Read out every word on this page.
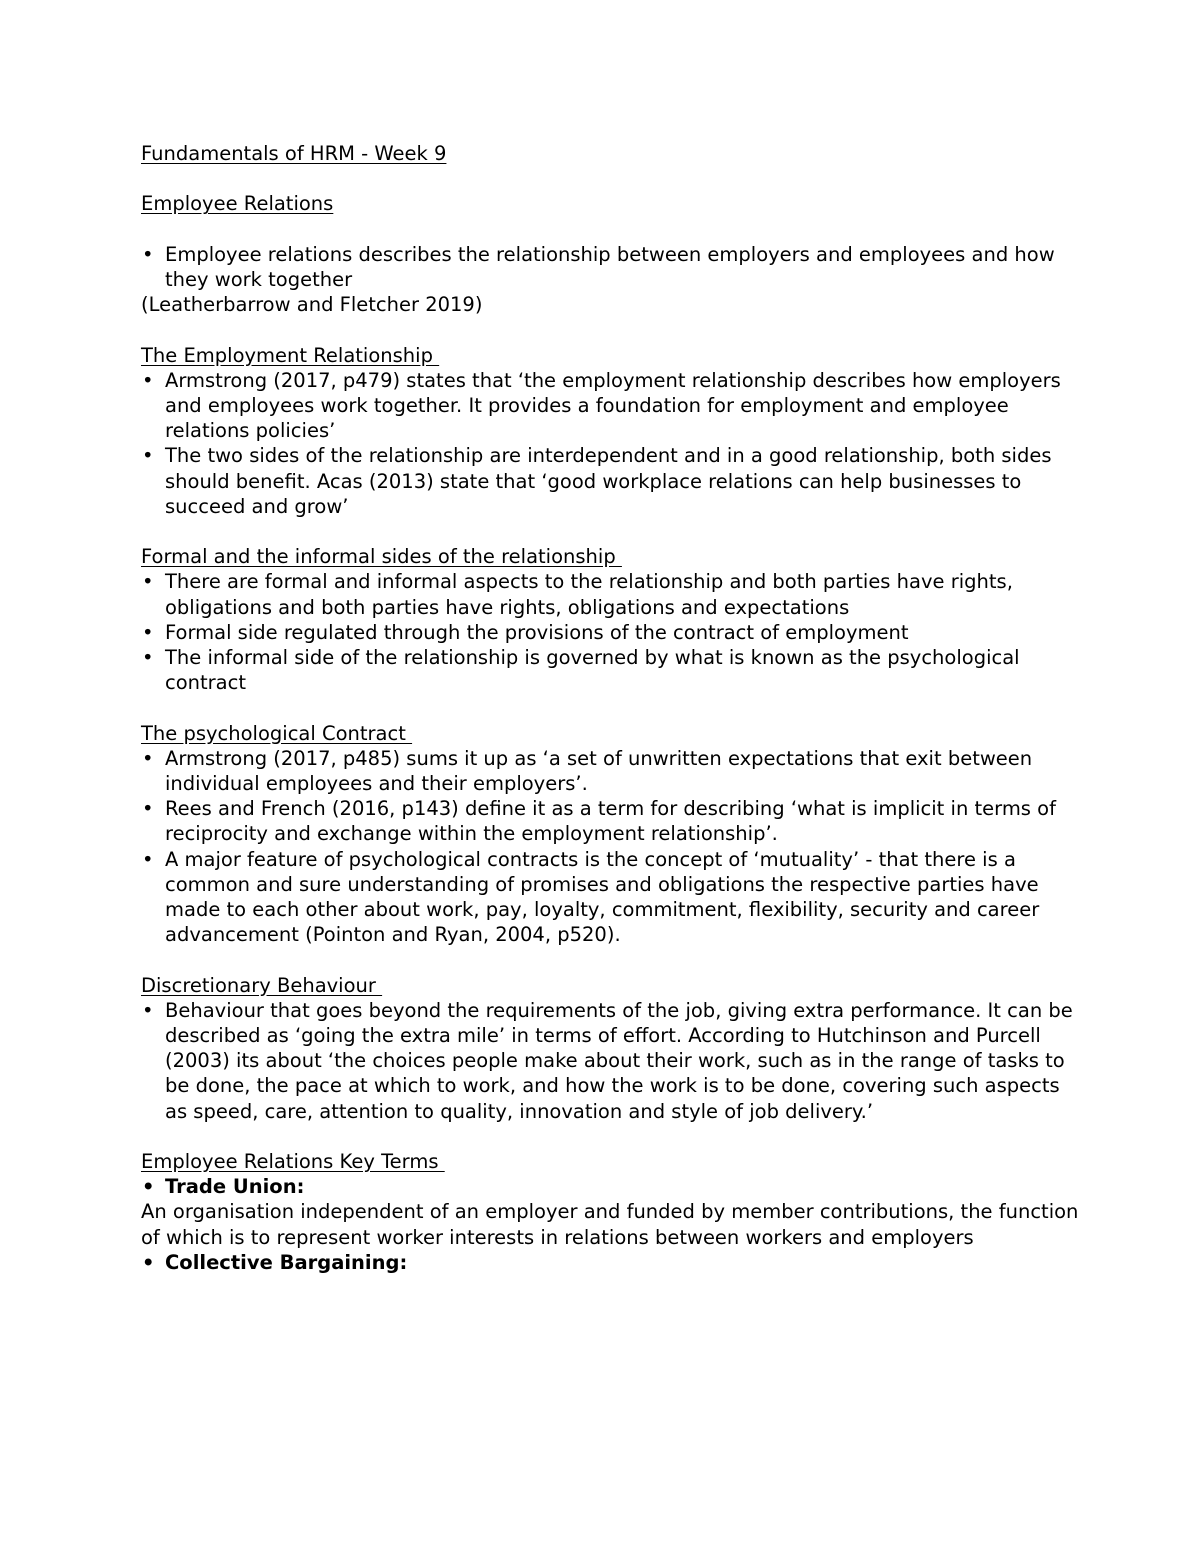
Fundamentals of HRM - Week 9
Employee Relations
• Employee relations describes the relationship between employers and employees and how they work together
(Leatherbarrow and Fletcher 2019)
The Employment Relationship
• Armstrong (2017, p479) states that ‘the employment relationship describes how employers and employees work together. It provides a foundation for employment and employee relations policies’
• The two sides of the relationship are interdependent and in a good relationship, both sides should benefit. Acas (2013) state that ‘good workplace relations can help businesses to succeed and grow’
Formal and the informal sides of the relationship
• There are formal and informal aspects to the relationship and both parties have rights, obligations and both parties have rights, obligations and expectations
• Formal side regulated through the provisions of the contract of employment
• The informal side of the relationship is governed by what is known as the psychological contract
The psychological Contract
• Armstrong (2017, p485) sums it up as ‘a set of unwritten expectations that exit between individual employees and their employers’.
• Rees and French (2016, p143) define it as a term for describing ‘what is implicit in terms of reciprocity and exchange within the employment relationship’.
• A major feature of psychological contracts is the concept of ‘mutuality’ - that there is a common and sure understanding of promises and obligations the respective parties have made to each other about work, pay, loyalty, commitment, flexibility, security and career advancement (Pointon and Ryan, 2004, p520).
Discretionary Behaviour
• Behaviour that goes beyond the requirements of the job, giving extra performance. It can be described as ‘going the extra mile’ in terms of effort. According to Hutchinson and Purcell (2003) its about ‘the choices people make about their work, such as in the range of tasks to be done, the pace at which to work, and how the work is to be done, covering such aspects as speed, care, attention to quality, innovation and style of job delivery.’
Employee Relations Key Terms
• Trade Union:
An organisation independent of an employer and funded by member contributions, the function of which is to represent worker interests in relations between workers and employers
• Collective Bargaining:
